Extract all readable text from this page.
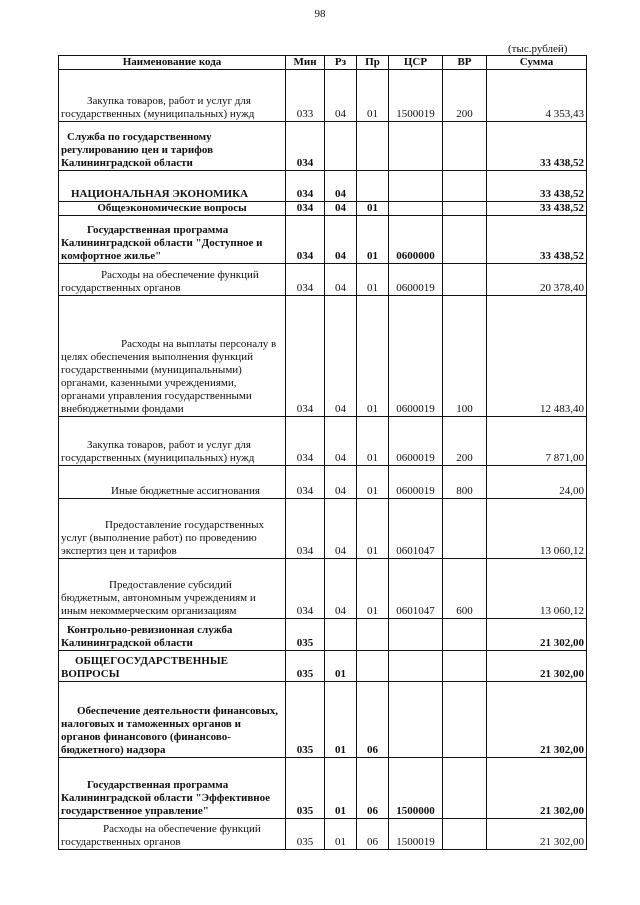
98
(тыс.рублей)
Наименование кода	Мин	Рз	Пр	ЦСР	ВР	Сумма
Закупка товаров, работ и услуг для государственных (муниципальных) нужд	033	04	01	1500019	200	4 353,43
Служба по государственному регулированию цен и тарифов Калининградской области	034					33 438,52
НАЦИОНАЛЬНАЯ ЭКОНОМИКА	034	04				33 438,52
Общеэкономические вопросы	034	04	01			33 438,52
Государственная программа Калининградской области "Доступное и комфортное жилье"	034	04	01	0600000		33 438,52
Расходы на обеспечение функций государственных органов	034	04	01	0600019		20 378,40
Расходы на выплаты персоналу в целях обеспечения выполнения функций государственными (муниципальными) органами, казенными учреждениями, органами управления государственными внебюджетными фондами	034	04	01	0600019	100	12 483,40
Закупка товаров, работ и услуг для государственных (муниципальных) нужд	034	04	01	0600019	200	7 871,00
Иные бюджетные ассигнования	034	04	01	0600019	800	24,00
Предоставление государственных услуг (выполнение работ) по проведению экспертиз цен и тарифов	034	04	01	0601047		13 060,12
Предоставление субсидий бюджетным, автономным учреждениям и иным некоммерческим организациям	034	04	01	0601047	600	13 060,12
Контрольно-ревизионная служба Калининградской области	035					21 302,00
ОБЩЕГОСУДАРСТВЕННЫЕ ВОПРОСЫ	035	01				21 302,00
Обеспечение деятельности финансовых, налоговых и таможенных органов и органов финансового (финансово-бюджетного) надзора	035	01	06			21 302,00
Государственная программа Калининградской области "Эффективное государственное управление"	035	01	06	1500000		21 302,00
Расходы на обеспечение функций государственных органов	035	01	06	1500019		21 302,00
